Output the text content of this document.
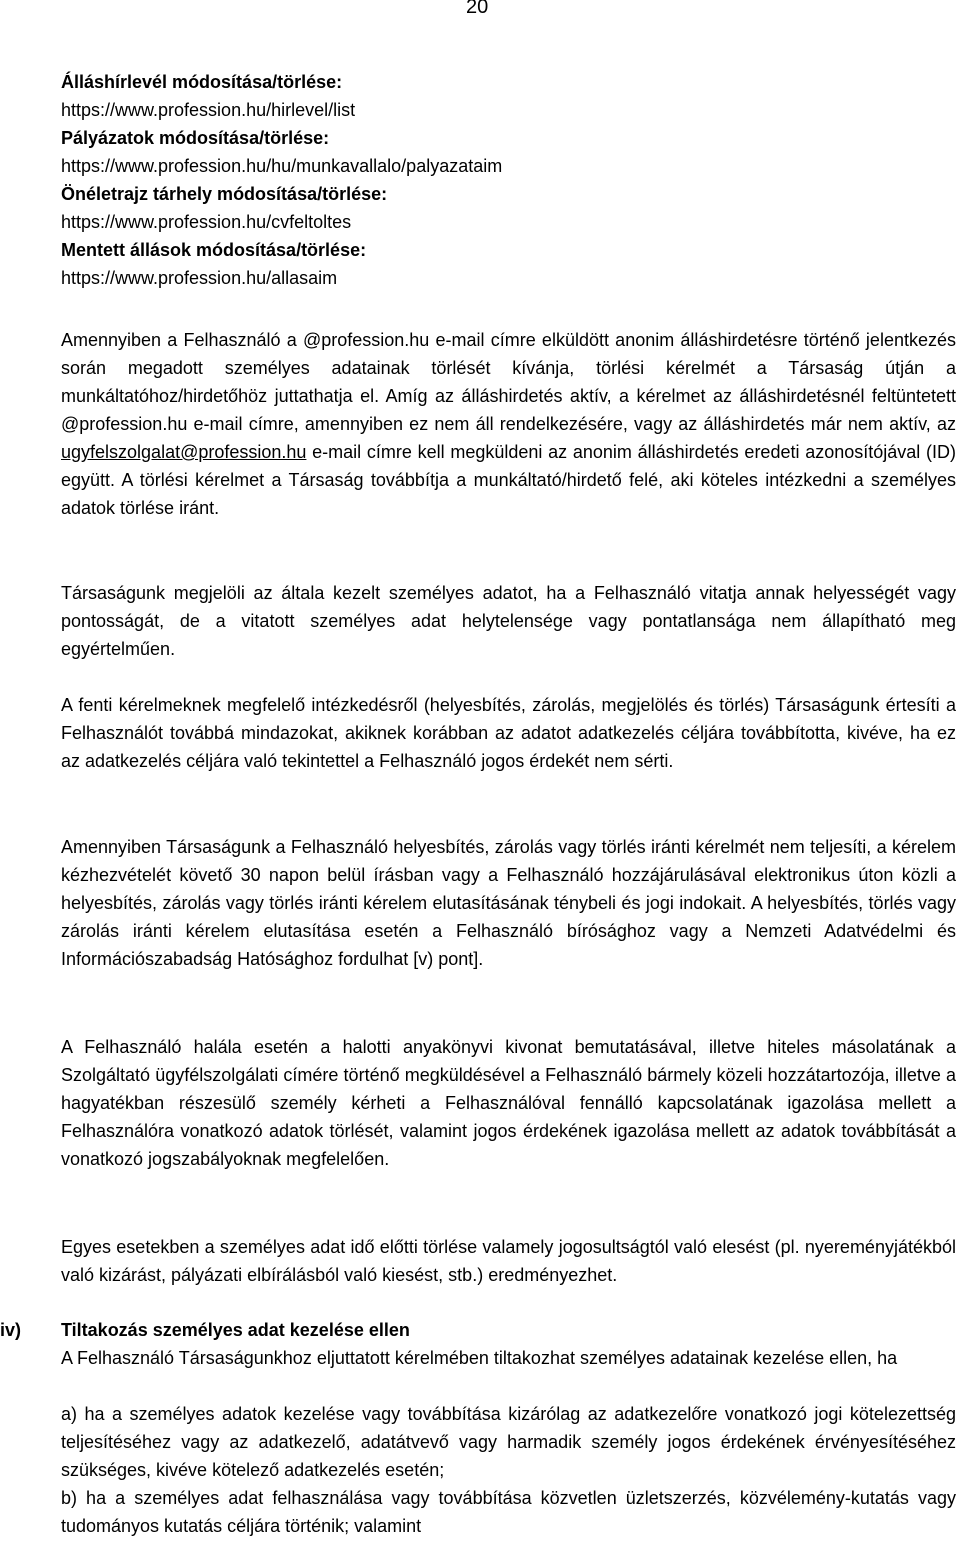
20
Álláshírlevél módosítása/törlése:
https://www.profession.hu/hirlevel/list
Pályázatok módosítása/törlése:
https://www.profession.hu/hu/munkavallalo/palyazataim
Önéletrajz tárhely módosítása/törlése:
https://www.profession.hu/cvfeltoltes
Mentett állások módosítása/törlése:
https://www.profession.hu/allasaim

Amennyiben a Felhasználó a @profession.hu e-mail címre elküldött anonim álláshirdetésre történő jelentkezés során megadott személyes adatainak törlését kívánja, törlési kérelmét a Társaság útján a munkáltatóhoz/hirdetőhöz juttathatja el. Amíg az álláshirdetés aktív, a kérelmet az álláshirdetésnél feltüntetett @profession.hu e-mail címre, amennyiben ez nem áll rendelkezésére, vagy az álláshirdetés már nem aktív, az ugyfelszolgalat@profession.hu e-mail címre kell megküldeni az anonim álláshirdetés eredeti azonosítójával (ID) együtt. A törlési kérelmet a Társaság továbbítja a munkáltató/hirdető felé, aki köteles intézkedni a személyes adatok törlése iránt.

Társaságunk megjelöli az általa kezelt személyes adatot, ha a Felhasználó vitatja annak helyességét vagy pontosságát, de a vitatott személyes adat helytelensége vagy pontatlansága nem állapítható meg egyértelműen.

A fenti kérelmeknek megfelelő intézkedésről (helyesbítés, zárolás, megjelölés és törlés) Társaságunk értesíti a Felhasználót továbbá mindazokat, akiknek korábban az adatot adatkezelés céljára továbbította, kivéve, ha ez az adatkezelés céljára való tekintettel a Felhasználó jogos érdekét nem sérti.

Amennyiben Társaságunk a Felhasználó helyesbítés, zárolás vagy törlés iránti kérelmét nem teljesíti, a kérelem kézhezvételét követő 30 napon belül írásban vagy a Felhasználó hozzájárulásával elektronikus úton közli a helyesbítés, zárolás vagy törlés iránti kérelem elutasításának ténybeli és jogi indokait. A helyesbítés, törlés vagy zárolás iránti kérelem elutasítása esetén a Felhasználó bírósághoz vagy a Nemzeti Adatvédelmi és Információszabadság Hatósághoz fordulhat [v) pont].

A Felhasználó halála esetén a halotti anyakönyvi kivonat bemutatásával, illetve hiteles másolatának a Szolgáltató ügyfélszolgálati címére történő megküldésével a Felhasználó bármely közeli hozzátartozója, illetve a hagyatékban részesülő személy kérheti a Felhasználóval fennálló kapcsolatának igazolása mellett a Felhasználóra vonatkozó adatok törlését, valamint jogos érdekének igazolása mellett az adatok továbbítását a vonatkozó jogszabályoknak megfelelően.

Egyes esetekben a személyes adat idő előtti törlése valamely jogosultságtól való elesést (pl. nyereményjátékból való kizárást, pályázati elbírálásból való kiesést, stb.) eredményezhet.

iv) Tiltakozás személyes adat kezelése ellen

A Felhasználó Társaságunkhoz eljuttatott kérelmében tiltakozhat személyes adatainak kezelése ellen, ha

a) ha a személyes adatok kezelése vagy továbbítása kizárólag az adatkezelőre vonatkozó jogi kötelezettség teljesítéséhez vagy az adatkezelő, adatátvevő vagy harmadik személy jogos érdekének érvényesítéséhez szükséges, kivéve kötelező adatkezelés esetén;

b) ha a személyes adat felhasználása vagy továbbítása közvetlen üzletszerzés, közvélemény-kutatás vagy tudományos kutatás céljára történik; valamint
